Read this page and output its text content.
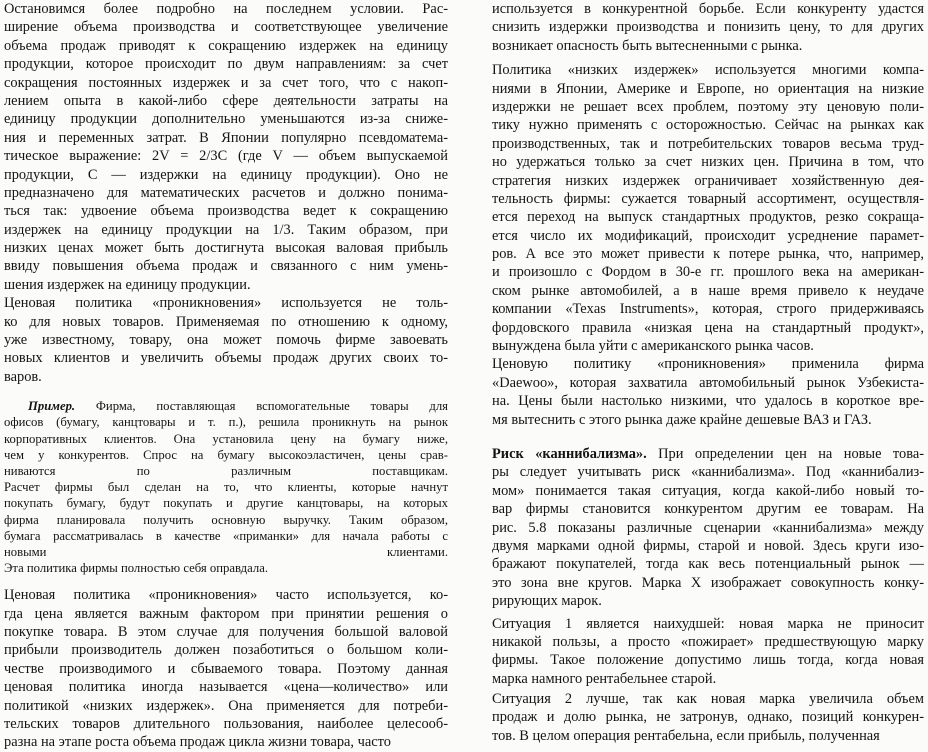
Остановимся более подробно на последнем условии. Рас-
ширение объема производства и соответствующее увеличение
объема продаж приводят к сокращению издержек на единицу
продукции, которое происходит по двум направлениям: за счет
сокращения постоянных издержек и за счет того, что с накоп-
лением опыта в какой-либо сфере деятельности затраты на
единицу продукции дополнительно уменьшаются из-за сниже-
ния и переменных затрат. В Японии популярно псевдоматема-
тическое выражение: 2V = 2/3C (где V — объем выпускаемой
продукции, С — издержки на единицу продукции). Оно не
предназначено для математических расчетов и должно понима-
ться так: удвоение объема производства ведет к сокращению
издержек на единицу продукции на 1/3. Таким образом, при
низких ценах может быть достигнута высокая валовая прибыль
ввиду повышения объема продаж и связанного с ним умень-
шения издержек на единицу продукции.
Ценовая политика «проникновения» используется не толь-
ко для новых товаров. Применяемая по отношению к одному,
уже известному, товару, она может помочь фирме завоевать
новых клиентов и увеличить объемы продаж других своих то-
варов.
Пример. Фирма, поставляющая вспомогательные товары для
офисов (бумагу, канцтовары и т. п.), решила проникнуть на рынок
корпоративных клиентов. Она установила цену на бумагу ниже,
чем у конкурентов. Спрос на бумагу высокоэластичен, цены срав-
ниваются по различным поставщикам.
Расчет фирмы был сделан на то, что клиенты, которые начнут
покупать бумагу, будут покупать и другие канцтовары, на которых
фирма планировала получить основную выручку. Таким образом,
бумага рассматривалась в качестве «приманки» для начала работы с
новыми клиентами.
Эта политика фирмы полностью себя оправдала.
Ценовая политика «проникновения» часто используется, ко-
гда цена является важным фактором при принятии решения о
покупке товара. В этом случае для получения большой валовой
прибыли производитель должен позаботиться о большом коли-
честве производимого и сбываемого товара. Поэтому данная
ценовая политика иногда называется «цена—количество» или
политикой «низких издержек». Она применяется для потреби-
тельских товаров длительного пользования, наиболее целесооб-
разна на этапе роста объема продаж цикла жизни товара, часто
используется в конкурентной борьбе. Если конкуренту удастся
снизить издержки производства и понизить цену, то для других
возникает опасность быть вытесненными с рынка.
Политика «низких издержек» используется многими компа-
ниями в Японии, Америке и Европе, но ориентация на низкие
издержки не решает всех проблем, поэтому эту ценовую поли-
тику нужно применять с осторожностью. Сейчас на рынках как
производственных, так и потребительских товаров весьма труд-
но удержаться только за счет низких цен. Причина в том, что
стратегия низких издержек ограничивает хозяйственную дея-
тельность фирмы: сужается товарный ассортимент, осуществля-
ется переход на выпуск стандартных продуктов, резко сокраща-
ется число их модификаций, происходит усреднение парамет-
ров. А все это может привести к потере рынка, что, например,
и произошло с Фордом в 30-е гг. прошлого века на американ-
ском рынке автомобилей, а в наше время привело к неудаче
компании «Texas Instruments», которая, строго придерживаясь
фордовского правила «низкая цена на стандартный продукт»,
вынуждена была уйти с американского рынка часов.
Ценовую политику «проникновения» применила фирма
«Daewoo», которая захватила автомобильный рынок Узбекиста-
на. Цены были настолько низкими, что удалось в короткое вре-
мя вытеснить с этого рынка даже крайне дешевые ВАЗ и ГАЗ.
Риск «каннибализма». При определении цен на новые това-
ры следует учитывать риск «каннибализма». Под «каннибализ-
мом» понимается такая ситуация, когда какой-либо новый то-
вар фирмы становится конкурентом другим ее товарам. На
рис. 5.8 показаны различные сценарии «каннибализма» между
двумя марками одной фирмы, старой и новой. Здесь круги изо-
бражают покупателей, тогда как весь потенциальный рынок —
это зона вне кругов. Марка X изображает совокупность конку-
рирующих марок.
Ситуация 1 является наихудшей: новая марка не приносит
никакой пользы, а просто «пожирает» предшествующую марку
фирмы. Такое положение допустимо лишь тогда, когда новая
марка намного рентабельнее старой.
Ситуация 2 лучше, так как новая марка увеличила объем
продаж и долю рынка, не затронув, однако, позиций конкурен-
тов. В целом операция рентабельна, если прибыль, полученная
